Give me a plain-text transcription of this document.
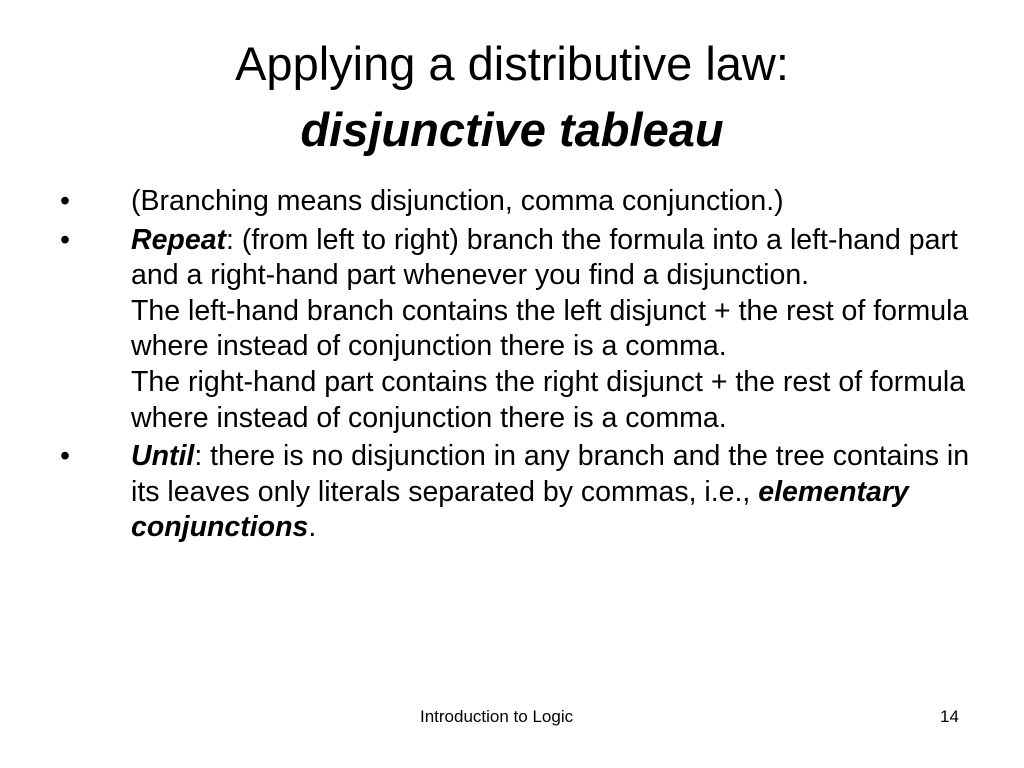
Applying a distributive law:
disjunctive tableau
• (Branching means disjunction, comma conjunction.)
• Repeat: (from left to right) branch the formula into a left-hand part and a right-hand part whenever you find a disjunction.
The left-hand branch contains the left disjunct + the rest of formula where instead of conjunction there is a comma.
The right-hand part contains the right disjunct + the rest of formula where instead of conjunction there is a comma.
• Until: there is no disjunction in any branch and the tree contains in its leaves only literals separated by commas, i.e., elementary conjunctions.
Introduction to Logic	14
